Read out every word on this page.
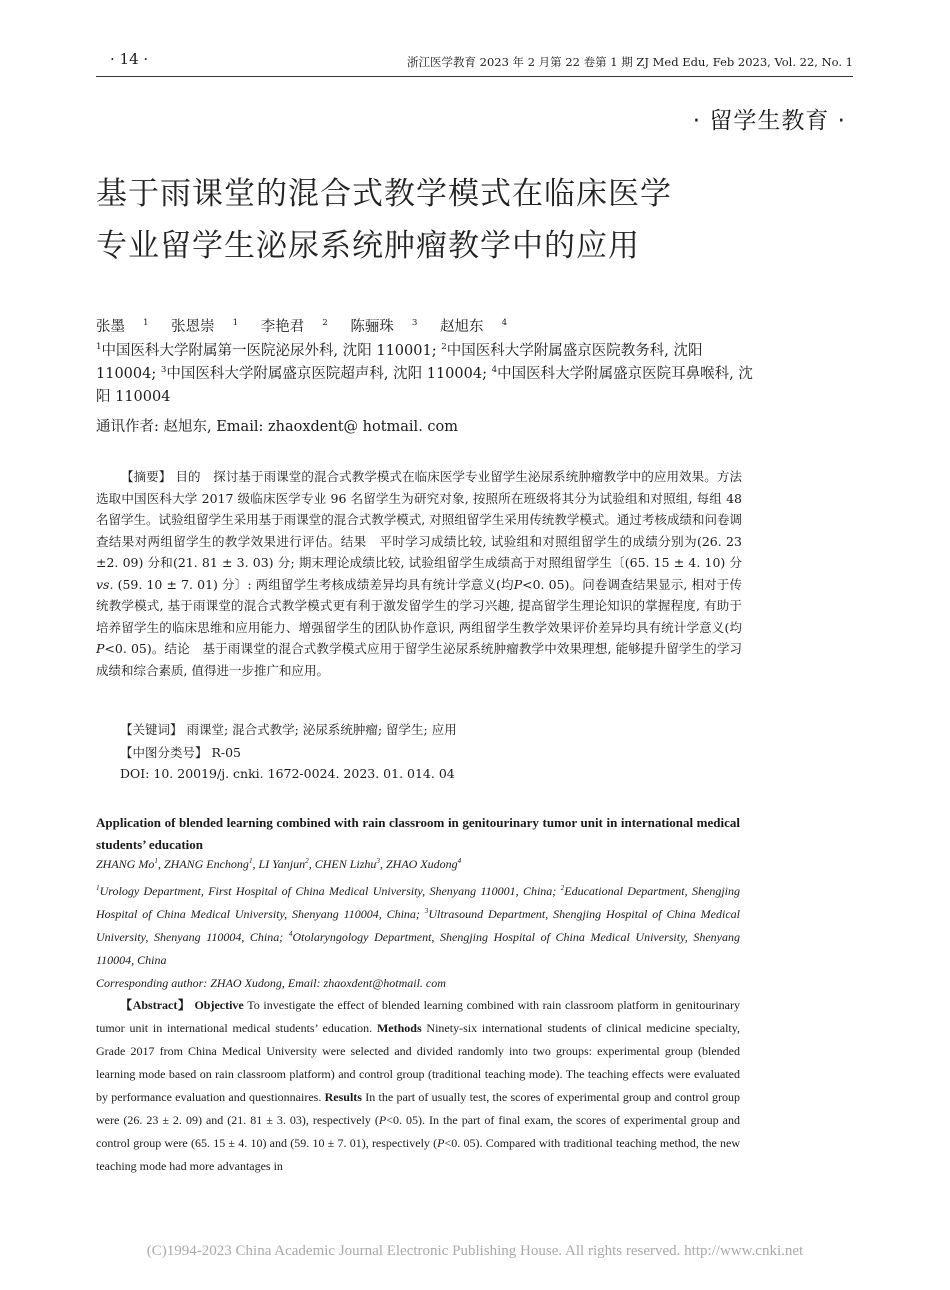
· 14 ·	浙江医学教育 2023 年 2 月第 22 卷第 1 期 ZJ Med Edu, Feb 2023, Vol. 22, No. 1
· 留学生教育 ·
基于雨课堂的混合式教学模式在临床医学
专业留学生泌尿系统肿瘤教学中的应用
张墨 $^1$ 张恩崇 $^1$ 李艳君 $^2$ 陈骊珠 $^3$ 赵旭东 $^4$
$^1$中国医科大学附属第一医院泌尿外科, 沈阳 110001; $^2$中国医科大学附属盛京医院教务科, 沈阳 110004; $^3$中国医科大学附属盛京医院超声科, 沈阳 110004; $^4$中国医科大学附属盛京医院耳鼻喉科, 沈阳 110004
通讯作者: 赵旭东, Email: zhaoxdent@ hotmail. com
【摘要】 目的　 探讨基于雨课堂的混合式教学模式在临床医学专业留学生泌尿系统肿瘤教学中的应用效果。方法　选取中国医科大学 2017 级临床医学专业 96 名留学生为研究对象, 按照所在班级将其分为试验组和对照组, 每组 48 名留学生。试验组留学生采用基于雨课堂的混合式教学模式, 对照组留学生采用传统教学模式。通过考核成绩和问卷调查结果对两组留学生的教学效果进行评估。结果　 平时学习成绩比较, 试验组和对照组留学生的成绩分别为(26. 23 ±2. 09) 分和(21. 81 ± 3. 03) 分; 期末理论成绩比较, 试验组留学生成绩高于对照组留学生〔(65. 15 ± 4. 10) 分 vs. (59. 10 ± 7. 01) 分〕: 两组留学生考核成绩差异均具有统计学意义(均P<0. 05)。问卷调查结果显示, 相对于传统教学模式, 基于雨课堂的混合式教学模式更有利于激发留学生的学习兴趣, 提高留学生理论知识的掌握程度, 有助于培养留学生的临床思维和应用能力、增强留学生的团队协作意识, 两组留学生教学效果评价差异均具有统计学意义(均P<0. 05)。结论　 基于雨课堂的混合式教学模式应用于留学生泌尿系统肿瘤教学中效果理想, 能够提升留学生的学习成绩和综合素质, 值得进一步推广和应用。
【关键词】 雨课堂; 混合式教学; 泌尿系统肿瘤; 留学生; 应用
【中图分类号】 R-05
DOI: 10. 20019/j. cnki. 1672-0024. 2023. 01. 014. 04
Application of blended learning combined with rain classroom in genitourinary tumor unit in international medical students’ education
ZHANG Mo$^1$, ZHANG Enchong$^1$, LI Yanjun$^2$, CHEN Lizhu$^3$, ZHAO Xudong$^4$
$^1$Urology Department, First Hospital of China Medical University, Shenyang 110001, China; $^2$Educational Department, Shengjing Hospital of China Medical University, Shenyang 110004, China; $^3$Ultrasound Department, Shengjing Hospital of China Medical University, Shenyang 110004, China; $^4$Otolaryngology Department, Shengjing Hospital of China Medical University, Shenyang 110004, China
Corresponding author: ZHAO Xudong, Email: zhaoxdent@hotmail. com
【Abstract】 Objective To investigate the effect of blended learning combined with rain classroom platform in genitourinary tumor unit in international medical students’ education. Methods Ninety-six international students of clinical medicine specialty, Grade 2017 from China Medical University were selected and divided randomly into two groups: experimental group (blended learning mode based on rain classroom platform) and control group (traditional teaching mode). The teaching effects were evaluated by performance evaluation and questionnaires. Results In the part of usually test, the scores of experimental group and control group were (26. 23 ± 2. 09) and (21. 81 ± 3. 03), respectively (P<0. 05). In the part of final exam, the scores of experimental group and control group were (65. 15 ± 4. 10) and (59. 10 ± 7. 01), respectively (P<0. 05). Compared with traditional teaching method, the new teaching mode had more advantages in
(C)1994-2023 China Academic Journal Electronic Publishing House. All rights reserved. http://www.cnki.net
